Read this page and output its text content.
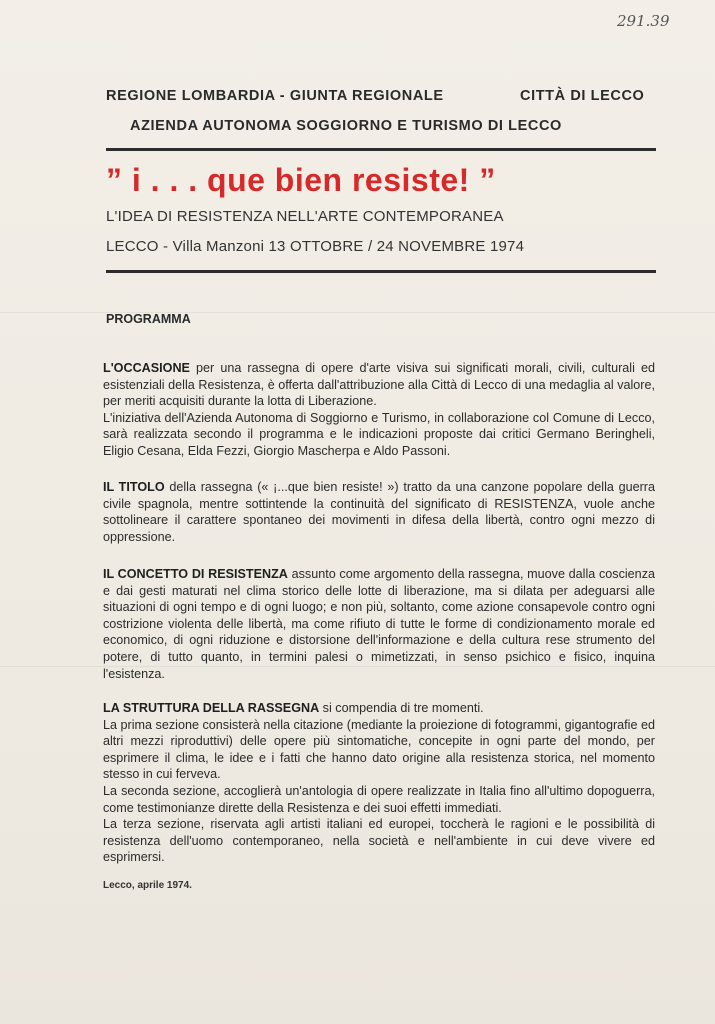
291.39
REGIONE LOMBARDIA - GIUNTA REGIONALE	CITTÀ DI LECCO
AZIENDA AUTONOMA SOGGIORNO E TURISMO DI LECCO
” i . . . que bien resiste! ”
L'IDEA DI RESISTENZA NELL'ARTE CONTEMPORANEA
LECCO - Villa Manzoni 13 OTTOBRE / 24 NOVEMBRE 1974
PROGRAMMA

L'OCCASIONE per una rassegna di opere d'arte visiva sui significati morali, civili, culturali ed esistenziali della Resistenza, è offerta dall'attribuzione alla Città di Lecco di una medaglia al valore, per meriti acquisiti durante la lotta di Liberazione.

L'iniziativa dell'Azienda Autonoma di Soggiorno e Turismo, in collaborazione col Comune di Lecco, sarà realizzata secondo il programma e le indicazioni proposte dai critici Germano Beringheli, Eligio Cesana, Elda Fezzi, Giorgio Mascherpa e Aldo Passoni.

IL TITOLO della rassegna (« ¡...que bien resiste! ») tratto da una canzone popolare della guerra civile spagnola, mentre sottintende la continuità del significato di RESISTENZA, vuole anche sottolineare il carattere spontaneo dei movimenti in difesa della libertà, contro ogni mezzo di oppressione.

IL CONCETTO DI RESISTENZA assunto come argomento della rassegna, muove dalla coscienza e dai gesti maturati nel clima storico delle lotte di liberazione, ma si dilata per adeguarsi alle situazioni di ogni tempo e di ogni luogo; e non più, soltanto, come azione consapevole contro ogni costrizione violenta delle libertà, ma come rifiuto di tutte le forme di condizionamento morale ed economico, di ogni riduzione e distorsione dell'informazione e della cultura rese strumento del potere, di tutto quanto, in termini palesi o mimetizzati, in senso psichico e fisico, inquina l'esistenza.

LA STRUTTURA DELLA RASSEGNA si compendia di tre momenti.

La prima sezione consisterà nella citazione (mediante la proiezione di fotogrammi, gigantografie ed altri mezzi riproduttivi) delle opere più sintomatiche, concepite in ogni parte del mondo, per esprimere il clima, le idee e i fatti che hanno dato origine alla resistenza storica, nel momento stesso in cui ferveva.

La seconda sezione, accoglierà un'antologia di opere realizzate in Italia fino all'ultimo dopoguerra, come testimonianze dirette della Resistenza e dei suoi effetti immediati.

La terza sezione, riservata agli artisti italiani ed europei, toccherà le ragioni e le possibilità di resistenza dell'uomo contemporaneo, nella società e nell'ambiente in cui deve vivere ed esprimersi.

Lecco, aprile 1974.
